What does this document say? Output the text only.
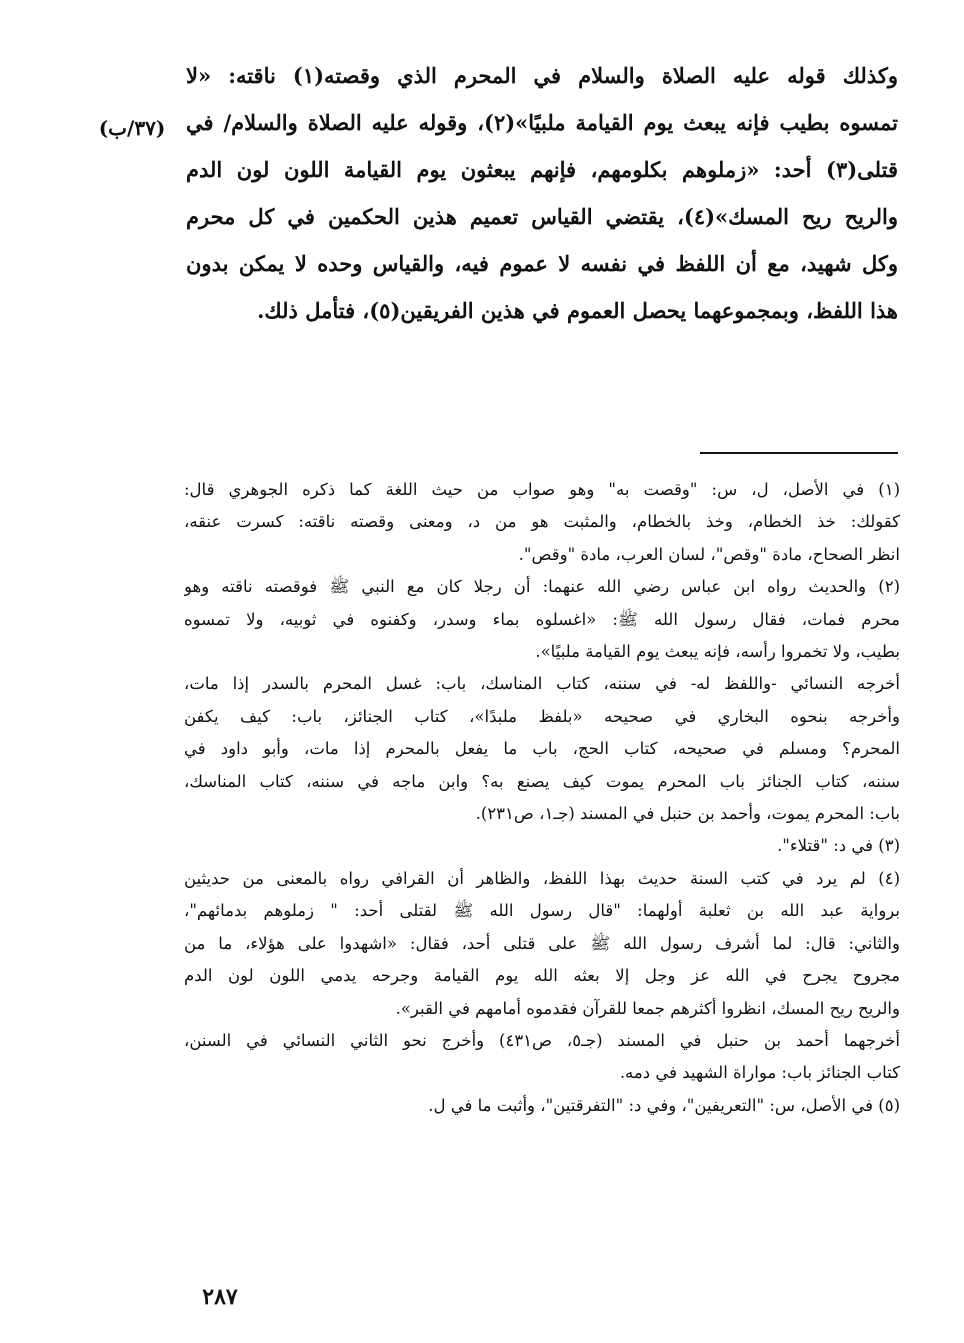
وكذلك قوله عليه الصلاة والسلام في المحرم الذي وقصته(١) ناقته: «لا
تمسوه بطيب فإنه يبعث يوم القيامة ملبيًا»(٢)، وقوله عليه الصلاة والسلام/ في
قتلى(٣) أحد: «زملوهم بكلومهم، فإنهم يبعثون يوم القيامة اللون لون الدم
والريح ريح المسك»(٤)، يقتضي القياس تعميم هذين الحكمين في كل محرم
وكل شهيد، مع أن اللفظ في نفسه لا عموم فيه، والقياس وحده لا يمكن بدون
هذا اللفظ، وبمجموعهما يحصل العموم في هذين الفريقين(٥)، فتأمل ذلك.
(٣٧/ب)
(١) في الأصل، ل، س: "وقصت به" وهو صواب من حيث اللغة كما ذكره الجوهري قال:
كقولك: خذ الخطام، وخذ بالخطام، والمثبت هو من د، ومعنى وقصته ناقته: كسرت عنقه،
انظر الصحاح، مادة "وقص"، لسان العرب، مادة "وقص".
(٢) والحديث رواه ابن عباس رضي الله عنهما: أن رجلا كان مع النبي ﷺ فوقصته ناقته وهو
محرم فمات، فقال رسول الله ﷺ: «اغسلوه بماء وسدر، وكفنوه في ثوبيه، ولا تمسوه
بطيب، ولا تخمروا رأسه، فإنه يبعث يوم القيامة ملبيًا».
أخرجه النسائي -واللفظ له- في سننه، كتاب المناسك، باب: غسل المحرم بالسدر إذا مات،
وأخرجه بنحوه البخاري في صحيحه «بلفظ ملبدًا»، كتاب الجنائز، باب: كيف يكفن
المحرم؟ ومسلم في صحيحه، كتاب الحج، باب ما يفعل بالمحرم إذا مات، وأبو داود في
سننه، كتاب الجنائز باب المحرم يموت كيف يصنع به؟ وابن ماجه في سننه، كتاب المناسك،
باب: المحرم يموت، وأحمد بن حنبل في المسند (جـ١، ص٢٣١).
(٣) في د: "قتلاء".
(٤) لم يرد في كتب السنة حديث بهذا اللفظ، والظاهر أن القرافي رواه بالمعنى من حديثين
برواية عبد الله بن ثعلبة أولهما: "قال رسول الله ﷺ لقتلى أحد: " زملوهم بدمائهم"،
والثاني: قال: لما أشرف رسول الله ﷺ على قتلى أحد، فقال: «اشهدوا على هؤلاء، ما من
مجروح يجرح في الله عز وجل إلا بعثه الله يوم القيامة وجرحه يدمي اللون لون الدم
والريح ريح المسك، انظروا أكثرهم جمعا للقرآن فقدموه أمامهم في القبر».
أخرجهما أحمد بن حنبل في المسند (جـ٥، ص٤٣١) وأخرج نحو الثاني النسائي في السنن،
كتاب الجنائز باب: مواراة الشهيد في دمه.
(٥) في الأصل، س: "التعريفين"، وفي د: "التفرقتين"، وأثبت ما في ل.
٢٨٧
